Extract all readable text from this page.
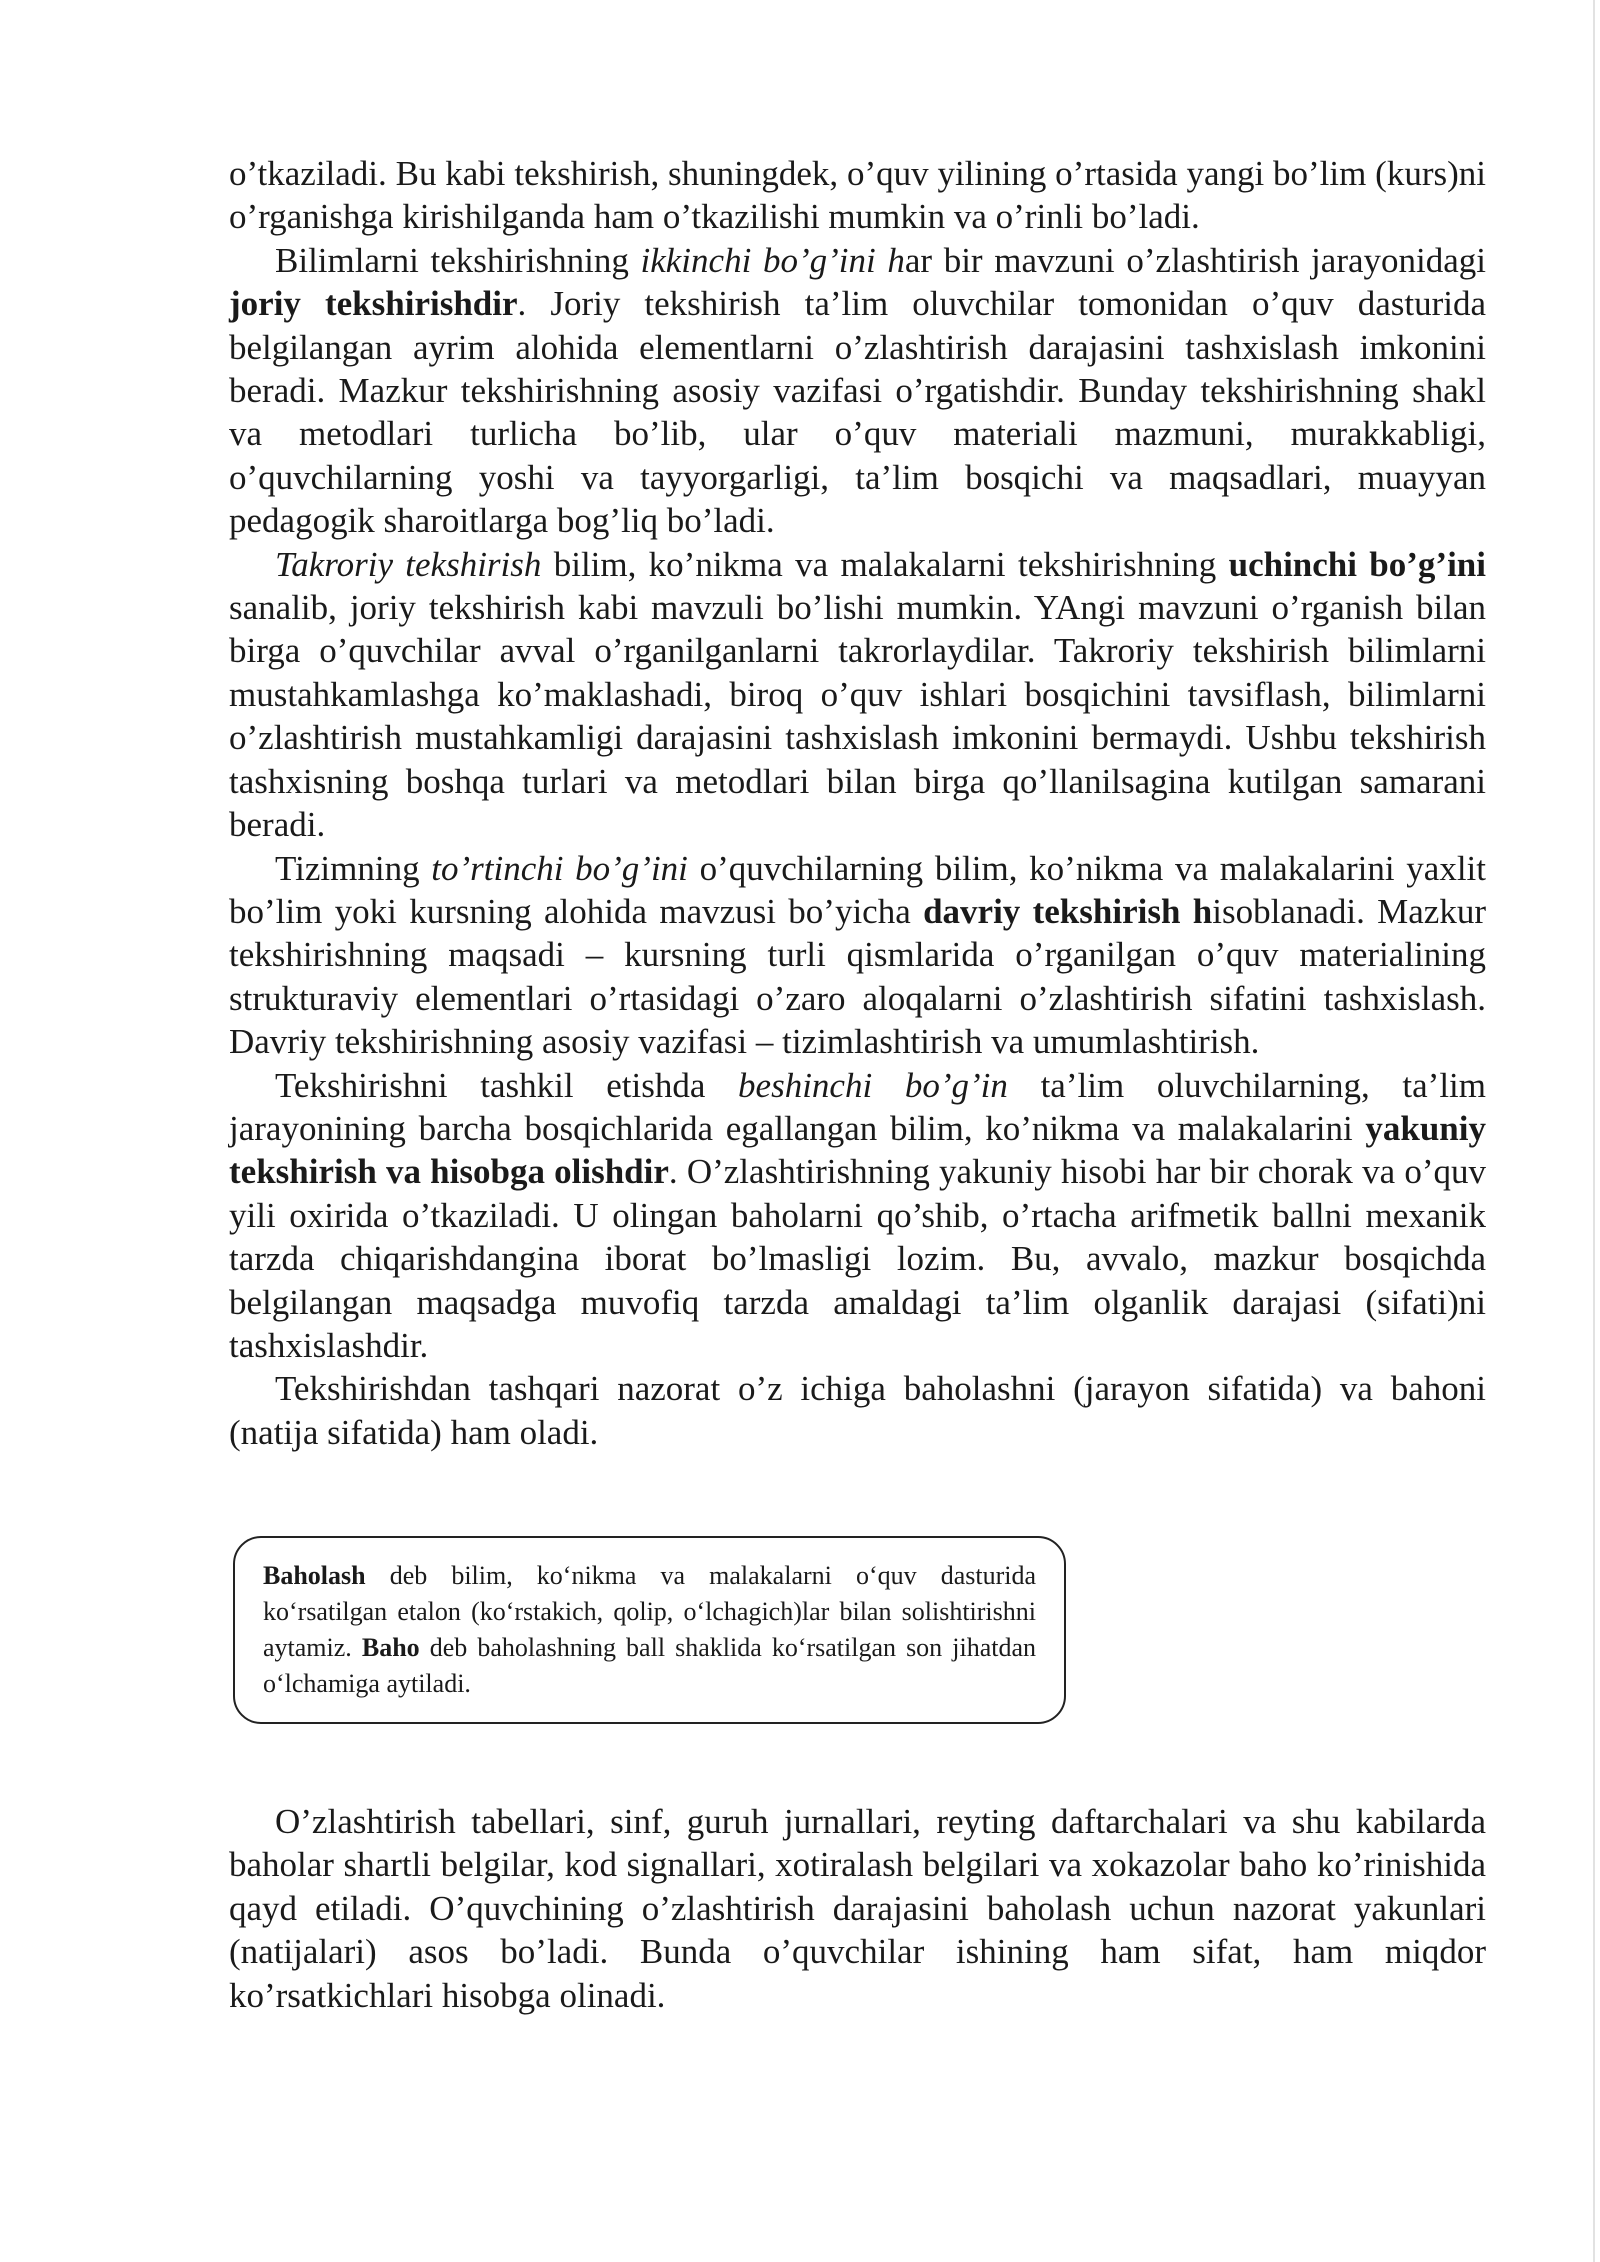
o’tkaziladi. Bu kabi tekshirish, shuningdek, o’quv yilining o’rtasida yangi bo’lim (kurs)ni o’rganishga kirishilganda ham o’tkazilishi mumkin va o’rinli bo’ladi.

Bilimlarni tekshirishning ikkinchi bo’g’ini har bir mavzuni o’zlashtirish jarayonidagi joriy tekshirishdir. Joriy tekshirish ta’lim oluvchilar tomonidan o’quv dasturida belgilangan ayrim alohida elementlarni o’zlashtirish darajasini tashxislash imkonini beradi. Mazkur tekshirishning asosiy vazifasi o’rgatishdir. Bunday tekshirishning shakl va metodlari turlicha bo’lib, ular o’quv materiali mazmuni, murakkabligi, o’quvchilarning yoshi va tayyorgarligi, ta’lim bosqichi va maqsadlari, muayyan pedagogik sharoitlarga bog’liq bo’ladi.

Takroriy tekshirish bilim, ko’nikma va malakalarni tekshirishning uchinchi bo’g’ini sanalib, joriy tekshirish kabi mavzuli bo’lishi mumkin. YAngi mavzuni o’rganish bilan birga o’quvchilar avval o’rganilganlarni takrorlaydilar. Takroriy tekshirish bilimlarni mustahkamlashga ko’maklashadi, biroq o’quv ishlari bosqichini tavsiflash, bilimlarni o’zlashtirish mustahkamligi darajasini tashxislash imkonini bermaydi. Ushbu tekshirish tashxisning boshqa turlari va metodlari bilan birga qo’llanilsagina kutilgan samarani beradi.

Tizimning to’rtinchi bo’g’ini o’quvchilarning bilim, ko’nikma va malakalarini yaxlit bo’lim yoki kursning alohida mavzusi bo’yicha davriy tekshirish hisoblanadi. Mazkur tekshirishning maqsadi – kursning turli qismlarida o’rganilgan o’quv materialining strukturaviy elementlari o’rtasidagi o’zaro aloqalarni o’zlashtirish sifatini tashxislash. Davriy tekshirishning asosiy vazifasi – tizimlashtirish va umumlashtirish.

Tekshirishni tashkil etishda beshinchi bo’g’in ta’lim oluvchilarning, ta’lim jarayonining barcha bosqichlarida egallangan bilim, ko’nikma va malakalarini yakuniy tekshirish va hisobga olishdir. O’zlashtirishning yakuniy hisobi har bir chorak va o’quv yili oxirida o’tkaziladi. U olingan baholarni qo’shib, o’rtacha arifmetik ballni mexanik tarzda chiqarishdangina iborat bo’lmasligi lozim. Bu, avvalo, mazkur bosqichda belgilangan maqsadga muvofiq tarzda amaldagi ta’lim olganlik darajasi (sifati)ni tashxislashdir.

Tekshirishdan tashqari nazorat o’z ichiga baholashni (jarayon sifatida) va bahoni (natija sifatida) ham oladi.

Baholash deb bilim, ko‘nikma va malakalarni o‘quv dasturida ko‘rsatilgan etalon (ko‘rstakich, qolip, o‘lchagich)lar bilan solishtirishni aytamiz. Baho deb baholashning ball shaklida ko‘rsatilgan son jihatdan o‘lchamiga aytiladi.

O’zlashtirish tabellari, sinf, guruh jurnallari, reyting daftarchalari va shu kabilarda baholar shartli belgilar, kod signallari, xotiralash belgilari va xokazolar baho ko’rinishida qayd etiladi. O’quvchining o’zlashtirish darajasini baholash uchun nazorat yakunlari (natijalari) asos bo’ladi. Bunda o’quvchilar ishining ham sifat, ham miqdor ko’rsatkichlari hisobga olinadi.
